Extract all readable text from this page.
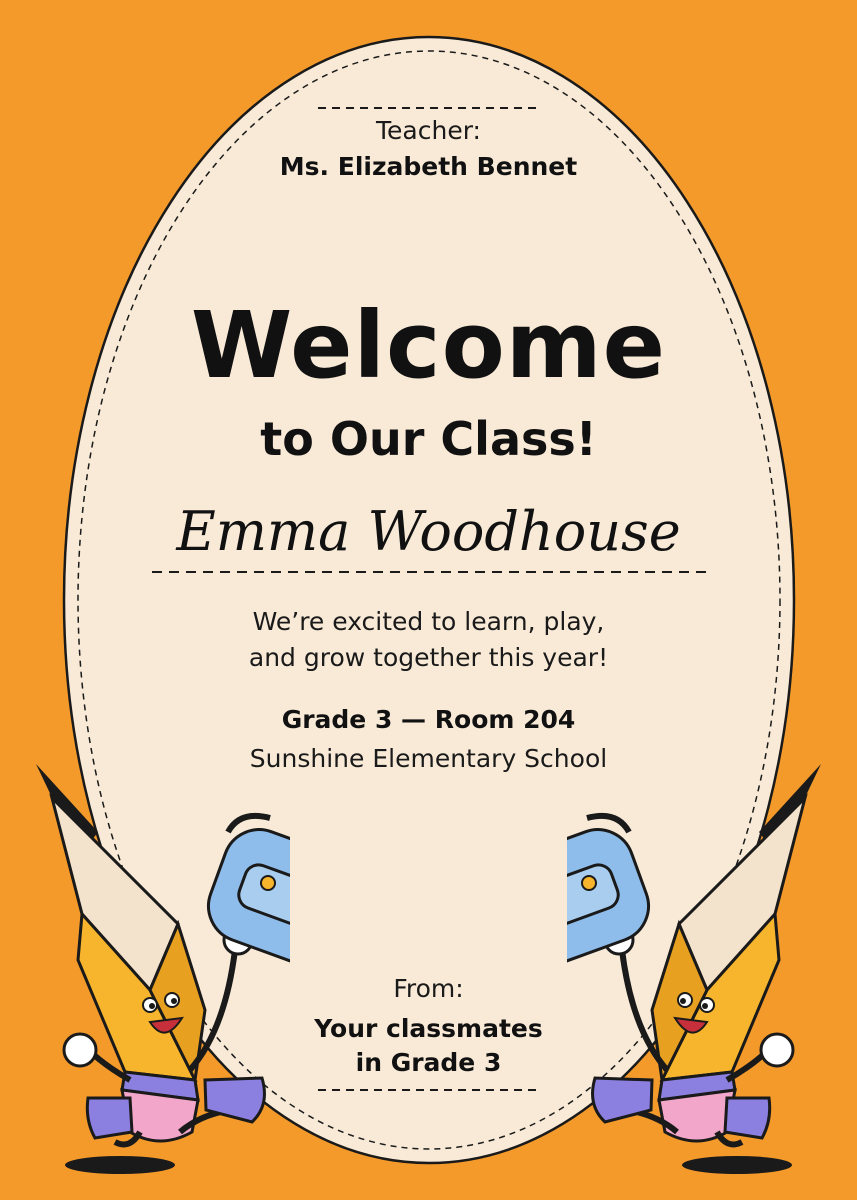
Teacher:

Ms. Elizabeth Bennet

Welcome

to Our Class!

Emma Woodhouse

We’re excited to learn, play,

and grow together this year!

Grade 3 — Room 204

Sunshine Elementary School

From:

Your classmates

in Grade 3
